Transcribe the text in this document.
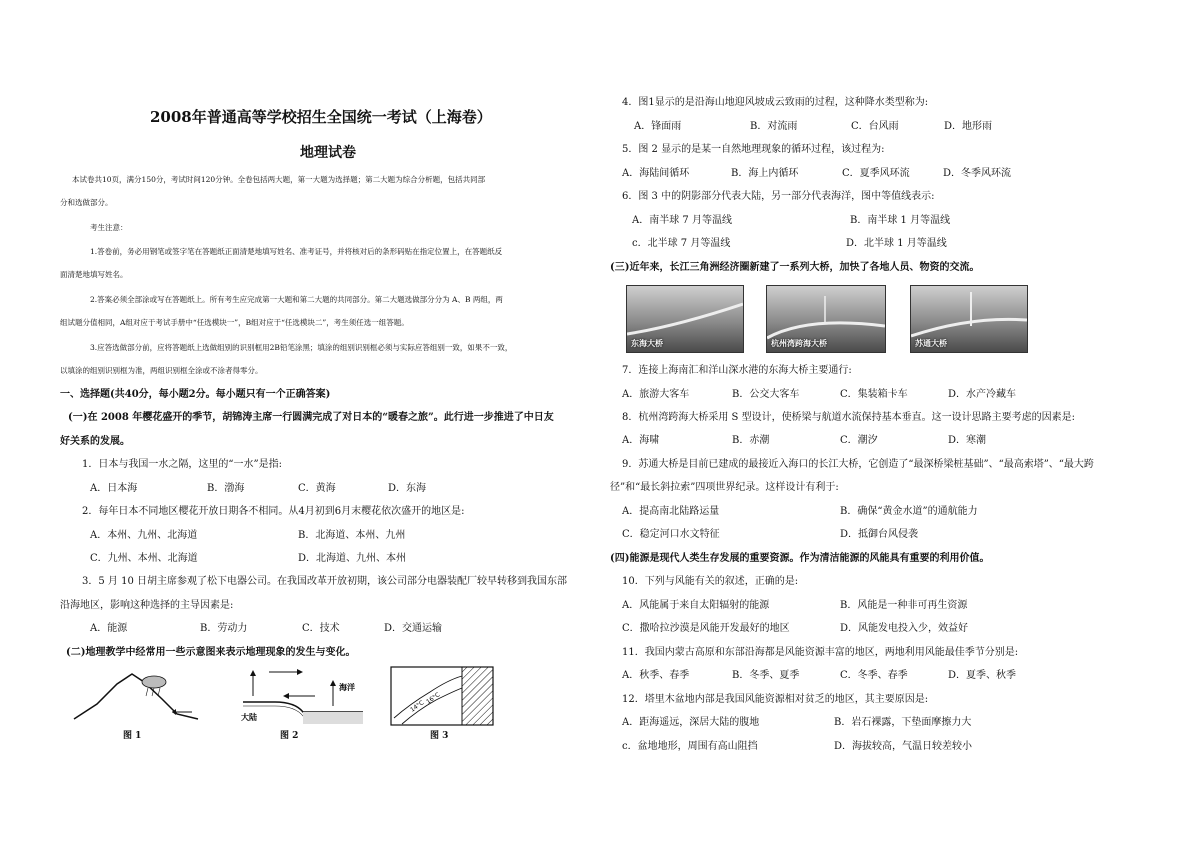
2008年普通高等学校招生全国统一考试（上海卷）
地理试卷
本试卷共10页，满分150分，考试时间120分钟。全卷包括两大题，第一大题为选择题；第二大题为综合分析题，包括共同部
分和选做部分。
考生注意：
1.答卷前，务必用钢笔或签字笔在答题纸正面清楚地填写姓名、准考证号，并将核对后的条形码贴在指定位置上，在答题纸反
面清楚地填写姓名。
2.答案必须全部涂或写在答题纸上。所有考生应完成第一大题和第二大题的共同部分。第二大题选做部分分为 A、B 两组，两
组试题分值相同，A组对应于考试手册中“任选模块一”，B组对应于“任选模块二”，考生须任选一组答题。
3.应答选做部分前，应将答题纸上选做组别的识别框用2B铅笔涂黑；填涂的组别识别框必须与实际应答组别一致，如果不一致，
以填涂的组别识别框为准，两组识别框全涂或不涂者得零分。
一、选择题(共40分，每小题2分。每小题只有一个正确答案)
(一)在 2008 年樱花盛开的季节，胡锦涛主席一行圆满完成了对日本的“暖春之旅”。此行进一步推进了中日友
好关系的发展。
1．日本与我国一水之隔，这里的“一水”是指:
A．日本海	B．渤海	C．黄海	D．东海
2．每年日本不同地区樱花开放日期各不相同。从4月初到6月末樱花依次盛开的地区是:
A．本州、九州、北海道	B．北海道、本州、九州
C．九州、本州、北海道	D．北海道、九州、本州
3．5 月 10 日胡主席参观了松下电器公司。在我国改革开放初期，该公司部分电器装配厂较早转移到我国东部
沿海地区，影响这种选择的主导因素是:
A．能源	B．劳动力	C．技术	D．交通运输
(二)地理教学中经常用一些示意图来表示地理现象的发生与变化。
图 1
海洋
大陆
图 2
14°C
16°C
图 3
4．图1显示的是沿海山地迎风坡成云致雨的过程，这种降水类型称为:
A．锋面雨	B．对流雨	C．台风雨	D．地形雨
5．图 2 显示的是某一自然地理现象的循环过程，该过程为:
A．海陆间循环	B．海上内循环	C．夏季风环流	D．冬季风环流
6．图 3 中的阴影部分代表大陆，另一部分代表海洋，图中等值线表示:
A．南半球 7 月等温线	B．南半球 1 月等温线
c．北半球 7 月等温线	D．北半球 1 月等温线
(三)近年来，长江三角洲经济圈新建了一系列大桥，加快了各地人员、物资的交流。
东海大桥	杭州湾跨海大桥	苏通大桥
7．连接上海南汇和洋山深水港的东海大桥主要通行:
A．旅游大客车	B．公交大客车	C．集装箱卡车	D．水产冷藏车
8．杭州湾跨海大桥采用 S 型设计，使桥梁与航道水流保持基本垂直。这一设计思路主要考虑的因素是:
A．海啸	B．赤潮	C．潮汐	D．寒潮
9．苏通大桥是目前已建成的最接近入海口的长江大桥，它创造了“最深桥梁桩基础”、“最高索塔”、“最大跨
径”和“最长斜拉索”四项世界纪录。这样设计有利于:
A．提高南北陆路运量	B．确保“黄金水道”的通航能力
C．稳定河口水文特征	D．抵御台风侵袭
(四)能源是现代人类生存发展的重要资源。作为清洁能源的风能具有重要的利用价值。
10．下列与风能有关的叙述，正确的是:
A．风能属于来自太阳辐射的能源	B．风能是一种非可再生资源
C．撒哈拉沙漠是风能开发最好的地区	D．风能发电投入少，效益好
11．我国内蒙古高原和东部沿海都是风能资源丰富的地区，两地利用风能最佳季节分别是:
A．秋季、春季	B．冬季、夏季	C．冬季、春季	D．夏季、秋季
12．塔里木盆地内部是我国风能资源相对贫乏的地区，其主要原因是:
A．距海遥远，深居大陆的腹地	B．岩石裸露，下垫面摩擦力大
c．盆地地形，周围有高山阻挡	D．海拔较高，气温日较差较小
